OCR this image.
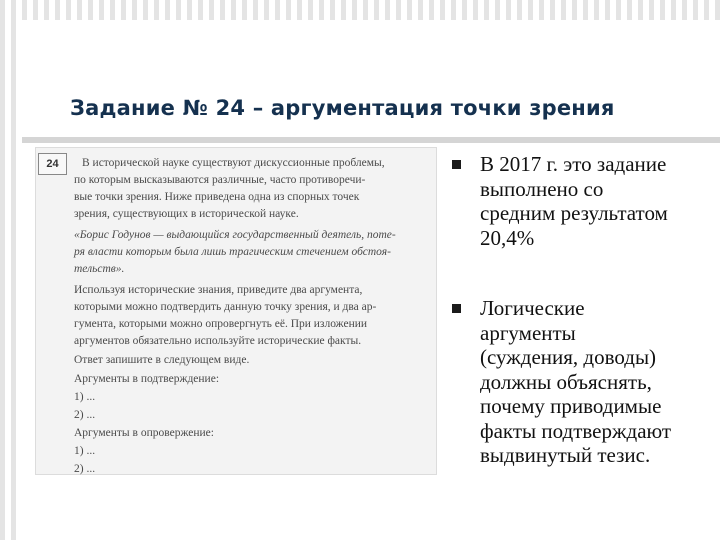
Задание № 24 – аргументация точки зрения
24	В исторической науке существуют дискуссионные проблемы,
по которым высказываются различные, часто противоречи-
вые точки зрения. Ниже приведена одна из спорных точек
зрения, существующих в исторической науке.
«Борис Годунов — выдающийся государственный деятель, поте-
ря власти которым была лишь трагическим стечением обстоя-
тельств».
Используя исторические знания, приведите два аргумента,
которыми можно подтвердить данную точку зрения, и два ар-
гумента, которыми можно опровергнуть её. При изложении
аргументов обязательно используйте исторические факты.
Ответ запишите в следующем виде.
Аргументы в подтверждение:
1) ...
2) ...
Аргументы в опровержение:
1) ...
2) ...
В 2017 г. это задание
выполнено со
средним результатом
20,4%
Логические
аргументы
(суждения, доводы)
должны объяснять,
почему приводимые
факты подтверждают
выдвинутый тезис.
